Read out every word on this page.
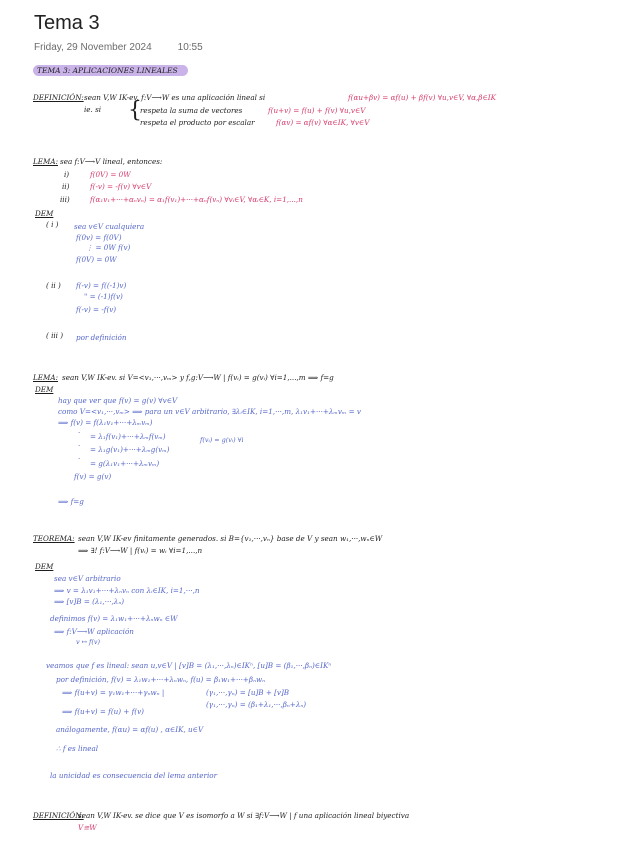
Tema 3
Friday, 29 November 2024	10:55
TEMA 3: APLICACIONES LINEALES
DEFINICIÓN: sean V,W IK-ev. f:V⟶W es una aplicación lineal si	f(αu+βv) = αf(u) + βf(v) ∀u,v∈V, ∀α,β∈IK
ie. si {
respeta la suma de vectores	f(u+v) = f(u) + f(v) ∀u,v∈V
respeta el producto por escalar	f(αv) = αf(v) ∀α∈IK, ∀v∈V
LEMA: sea f:V⟶V lineal, entonces:
i)	f(0V) = 0W
ii)	f(-v) = -f(v) ∀v∈V
iii)	f(α₁v₁+···+αₙvₙ) = α₁f(v₁)+···+αₙf(vₙ) ∀vᵢ∈V, ∀αᵢ∈K, i=1,...,n
DEM
( i ) sea v∈V cualquiera
f(0v) = f(0V)
⋮ = 0W f(v)
f(0V) = 0W
( ii ) f(-v) = f((-1)v)
" = (-1)f(v)
f(-v) = -f(v)
( iii ) por definición
LEMA: sean V,W IK-ev. si V=<v₁,···,vₘ> y f,g:V⟶W | f(vᵢ) = g(vᵢ) ∀i=1,...,m ⟹ f=g
DEM
hay que ver que f(v) = g(v) ∀v∈V
como V=<v₁,···,vₘ> ⟹ para un v∈V arbitrario, ∃λᵢ∈IK, i=1,···,m, λ₁v₁+···+λₘvₘ = v
⟹ f(v) = f(λ₁v₁+···+λₘvₘ)
= λ₁f(v₁)+···+λₘf(vₘ)
= λ₁g(v₁)+···+λₘg(vₘ)
= g(λ₁v₁+···+λₘvₘ)
f(v) = g(v)
⟹ f=g
f(vᵢ) = g(vᵢ) ∀i
·
·
·
TEOREMA: sean V,W IK-ev finitamente generados. si B={v₁,···,vₙ} base de V y sean w₁,···,wₙ∈W
⟹ ∃! f:V⟶W | f(vᵢ) = wᵢ ∀i=1,...,n
DEM
sea v∈V arbitrario
⟹ v = λ₁v₁+···+λₙvₙ con λᵢ∈IK, i=1,···,n
⟹ [v]B = (λ₁,···,λₙ)
definimos f(v) = λ₁w₁+···+λₙwₙ ∈W
⟹ f:V⟶W aplicación
v ↦ f(v)
veamos que f es lineal: sean u,v∈V | [v]B = (λ₁,···,λₙ)∈IKⁿ, [u]B = (β₁,···,βₙ)∈IKⁿ
por definición, f(v) = λ₁w₁+···+λₙwₙ, f(u) = β₁w₁+···+βₙwₙ
⟹ f(u+v) = γ₁w₁+···+γₙwₙ |	(γ₁,···,γₙ) = [u]B + [v]B
(γ₁,···,γₙ) = (β₁+λ₁,···,βₙ+λₙ)
⟹ f(u+v) = f(u) + f(v)
análogamente, f(αu) = αf(u) , α∈IK, u∈V
∴ f es lineal
la unicidad es consecuencia del lema anterior
DEFINICIÓN:
sean V,W IK-ev. se dice que V es isomorfo a W si ∃f:V⟶W | f una aplicación lineal biyectiva
V≅W
